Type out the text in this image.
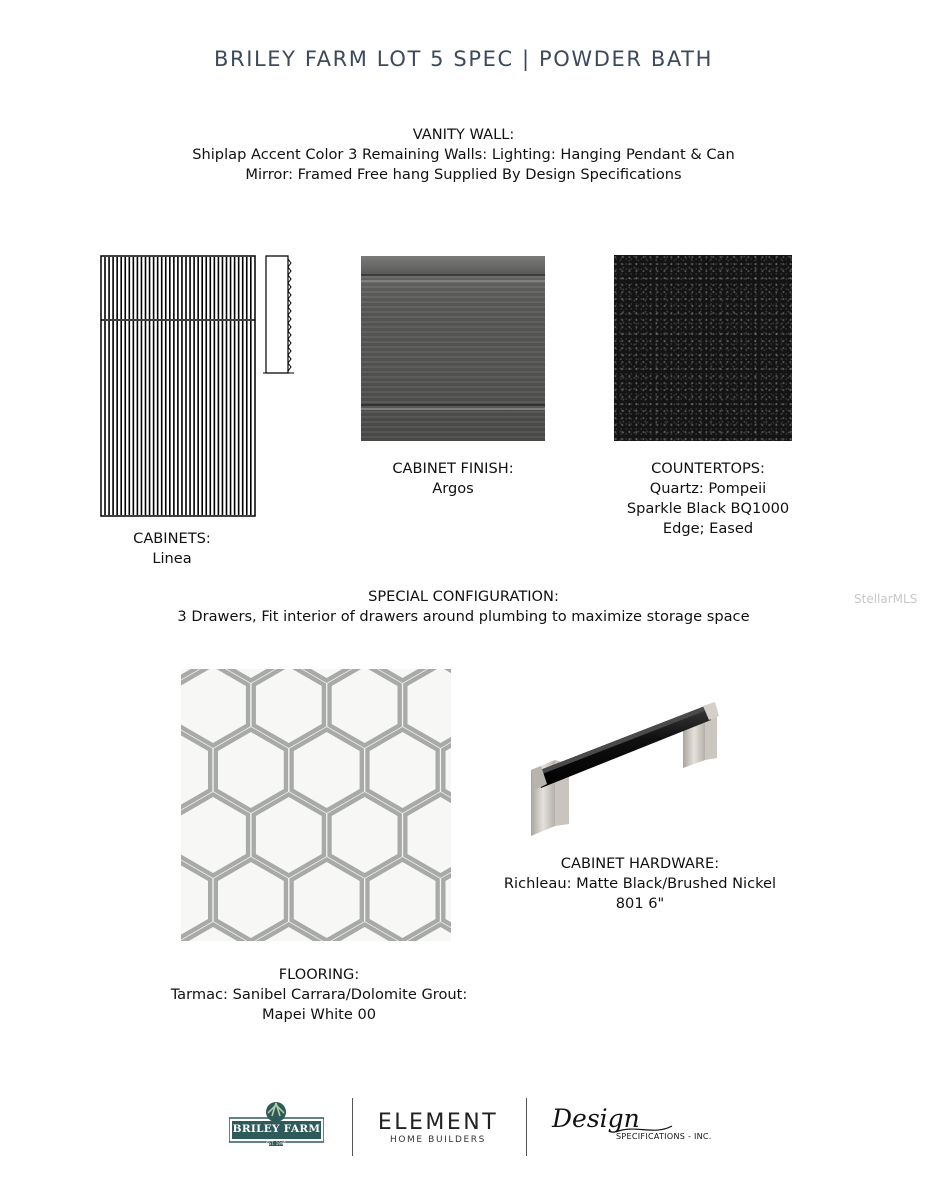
BRILEY FARM LOT 5 SPEC | POWDER BATH
VANITY WALL:
Shiplap Accent Color 3 Remaining Walls: Lighting: Hanging Pendant & Can
Mirror: Framed Free hang Supplied By Design Specifications
CABINETS:
Linea
CABINET FINISH:
Argos
COUNTERTOPS:
Quartz: Pompeii
Sparkle Black BQ1000
Edge; Eased
SPECIAL CONFIGURATION:
3 Drawers, Fit interior of drawers around plumbing to maximize storage space
StellarMLS
FLOORING:
Tarmac: Sanibel Carrara/Dolomite Grout:
Mapei White 00
CABINET HARDWARE:
Richleau: Matte Black/Brushed Nickel
801 6"
BRILEY FARM
EST. 1999
ELEMENT
HOME BUILDERS
Design
SPECIFICATIONS - INC.
